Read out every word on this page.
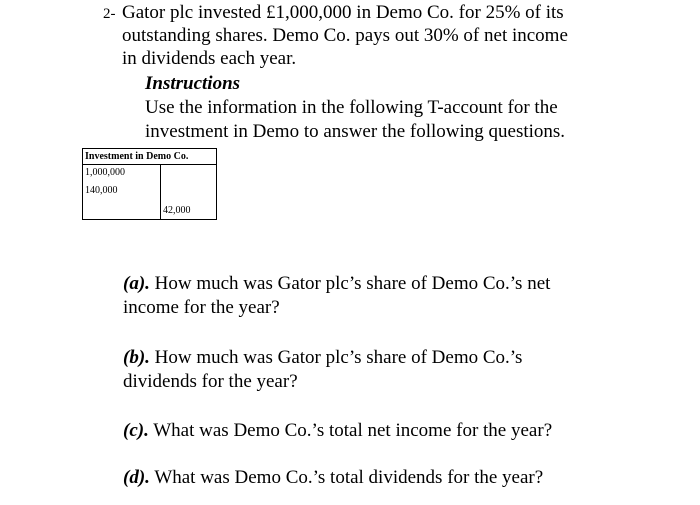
2- Gator plc invested £1,000,000 in Demo Co. for 25% of its
outstanding shares. Demo Co. pays out 30% of net income
in dividends each year.
Instructions
Use the information in the following T-account for the
investment in Demo to answer the following questions.
Investment in Demo Co.
1,000,000
140,000
42,000
(a). How much was Gator plc’s share of Demo Co.’s net
income for the year?
(b). How much was Gator plc’s share of Demo Co.’s
dividends for the year?
(c). What was Demo Co.’s total net income for the year?
(d). What was Demo Co.’s total dividends for the year?
